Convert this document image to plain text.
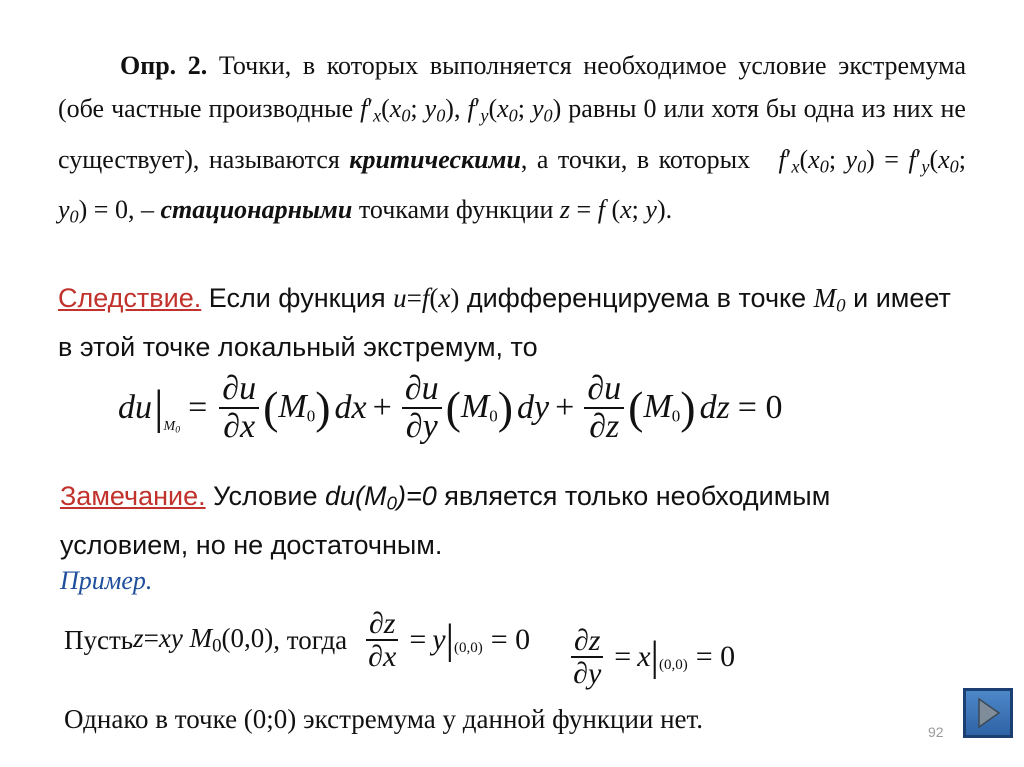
Опр. 2. Точки, в которых выполняется необходимое условие экстремума (обе частные производные $f'_x(x_0$; $y_0$), $f'_y(x_0$; $y_0$) равны 0 или хотя бы одна из них не существует), называются критическими, а точки, в которых   $f'_x(x_0$; $y_0) = f'_y(x_0$; $y_0) = 0$, – стационарными точками функции z = f (x; y).
Следствие. Если функция u=f(x) дифференцируема в точке $M_0$ и имеет в этой точке локальный экстремум, то
du | $M_0$
= $\frac{\partial u}{\partial x}$ ( $M_0$ ) dx + $\frac{\partial u}{\partial y}$ ( $M_0$ ) dy + $\frac{\partial u}{\partial z}$ ( $M_0$ ) dz = 0
Замечание. Условие $du(M_0)=0$ является только необходимым условием, но не достаточным.
Пример.
Пусть z=xy $M_0(0,0)$ , тогда $\frac{\partial z}{\partial x} = y$ | $(0,0) = 0 \frac{\partial z}{\partial y} = x$ | (0,0) = 0
Однако в точке (0;0) экстремума у данной функции нет.	92
